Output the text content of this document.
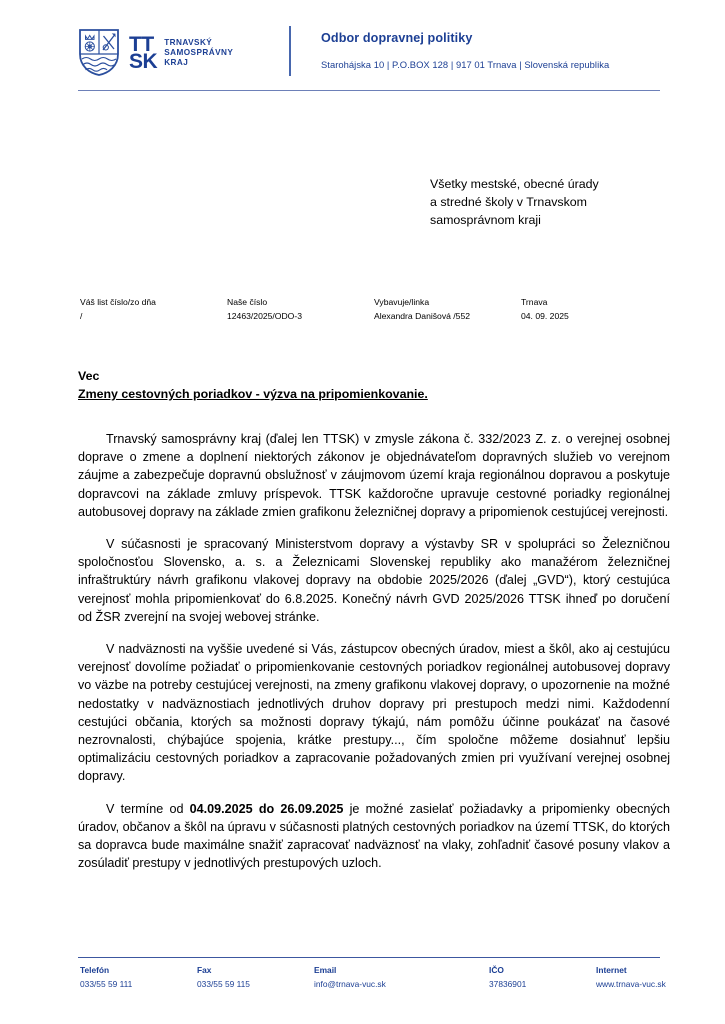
TT
SK
TRNAVSKÝ
SAMOSPRÁVNY
KRAJ
Odbor dopravnej politiky
Starohájska 10 | P.O.BOX 128 | 917 01 Trnava | Slovenská republika
Všetky mestské, obecné úrady
a stredné školy v Trnavskom
samosprávnom kraji
Váš list číslo/zo dňa
/
Naše číslo
12463/2025/ODO-3
Vybavuje/linka
Alexandra Danišová /552
Trnava
04. 09. 2025
Vec
Zmeny cestovných poriadkov - výzva na pripomienkovanie.

Trnavský samosprávny kraj (ďalej len TTSK) v zmysle zákona č. 332/2023 Z. z. o verejnej osobnej doprave o zmene a doplnení niektorých zákonov je objednávateľom dopravných služieb vo verejnom záujme a zabezpečuje dopravnú obslužnosť v záujmovom území kraja regionálnou dopravou a poskytuje dopravcovi na základe zmluvy príspevok. TTSK každoročne upravuje cestovné poriadky regionálnej autobusovej dopravy na základe zmien grafikonu železničnej dopravy a pripomienok cestujúcej verejnosti.

V súčasnosti je spracovaný Ministerstvom dopravy a výstavby SR v spolupráci so Železničnou spoločnosťou Slovensko, a. s. a Železnicami Slovenskej republiky ako manažérom železničnej infraštruktúry návrh grafikonu vlakovej dopravy na obdobie 2025/2026 (ďalej „GVD“), ktorý cestujúca verejnosť mohla pripomienkovať do 6.8.2025. Konečný návrh GVD 2025/2026 TTSK ihneď po doručení od ŽSR zverejní na svojej webovej stránke.

V nadväznosti na vyššie uvedené si Vás, zástupcov obecných úradov, miest a škôl, ako aj cestujúcu verejnosť dovolíme požiadať o pripomienkovanie cestovných poriadkov regionálnej autobusovej dopravy vo väzbe na potreby cestujúcej verejnosti, na zmeny grafikonu vlakovej dopravy, o upozornenie na možné nedostatky v nadväznostiach jednotlivých druhov dopravy pri prestupoch medzi nimi. Každodenní cestujúci občania, ktorých sa možnosti dopravy týkajú, nám pomôžu účinne poukázať na časové nezrovnalosti, chýbajúce spojenia, krátke prestupy..., čím spoločne môžeme dosiahnuť lepšiu optimalizáciu cestovných poriadkov a zapracovanie požadovaných zmien pri využívaní verejnej osobnej dopravy.

V termíne od 04.09.2025 do 26.09.2025 je možné zasielať požiadavky a pripomienky obecných úradov, občanov a škôl na úpravu v súčasnosti platných cestovných poriadkov na území TTSK, do ktorých sa dopravca bude maximálne snažiť zapracovať nadväznosť na vlaky, zohľadniť časové posuny vlakov a zosúladiť prestupy v jednotlivých prestupových uzloch.

Telefón
033/55 59 111
Fax
033/55 59 115
Email
info@trnava-vuc.sk
IČO
37836901
Internet
www.trnava-vuc.sk
